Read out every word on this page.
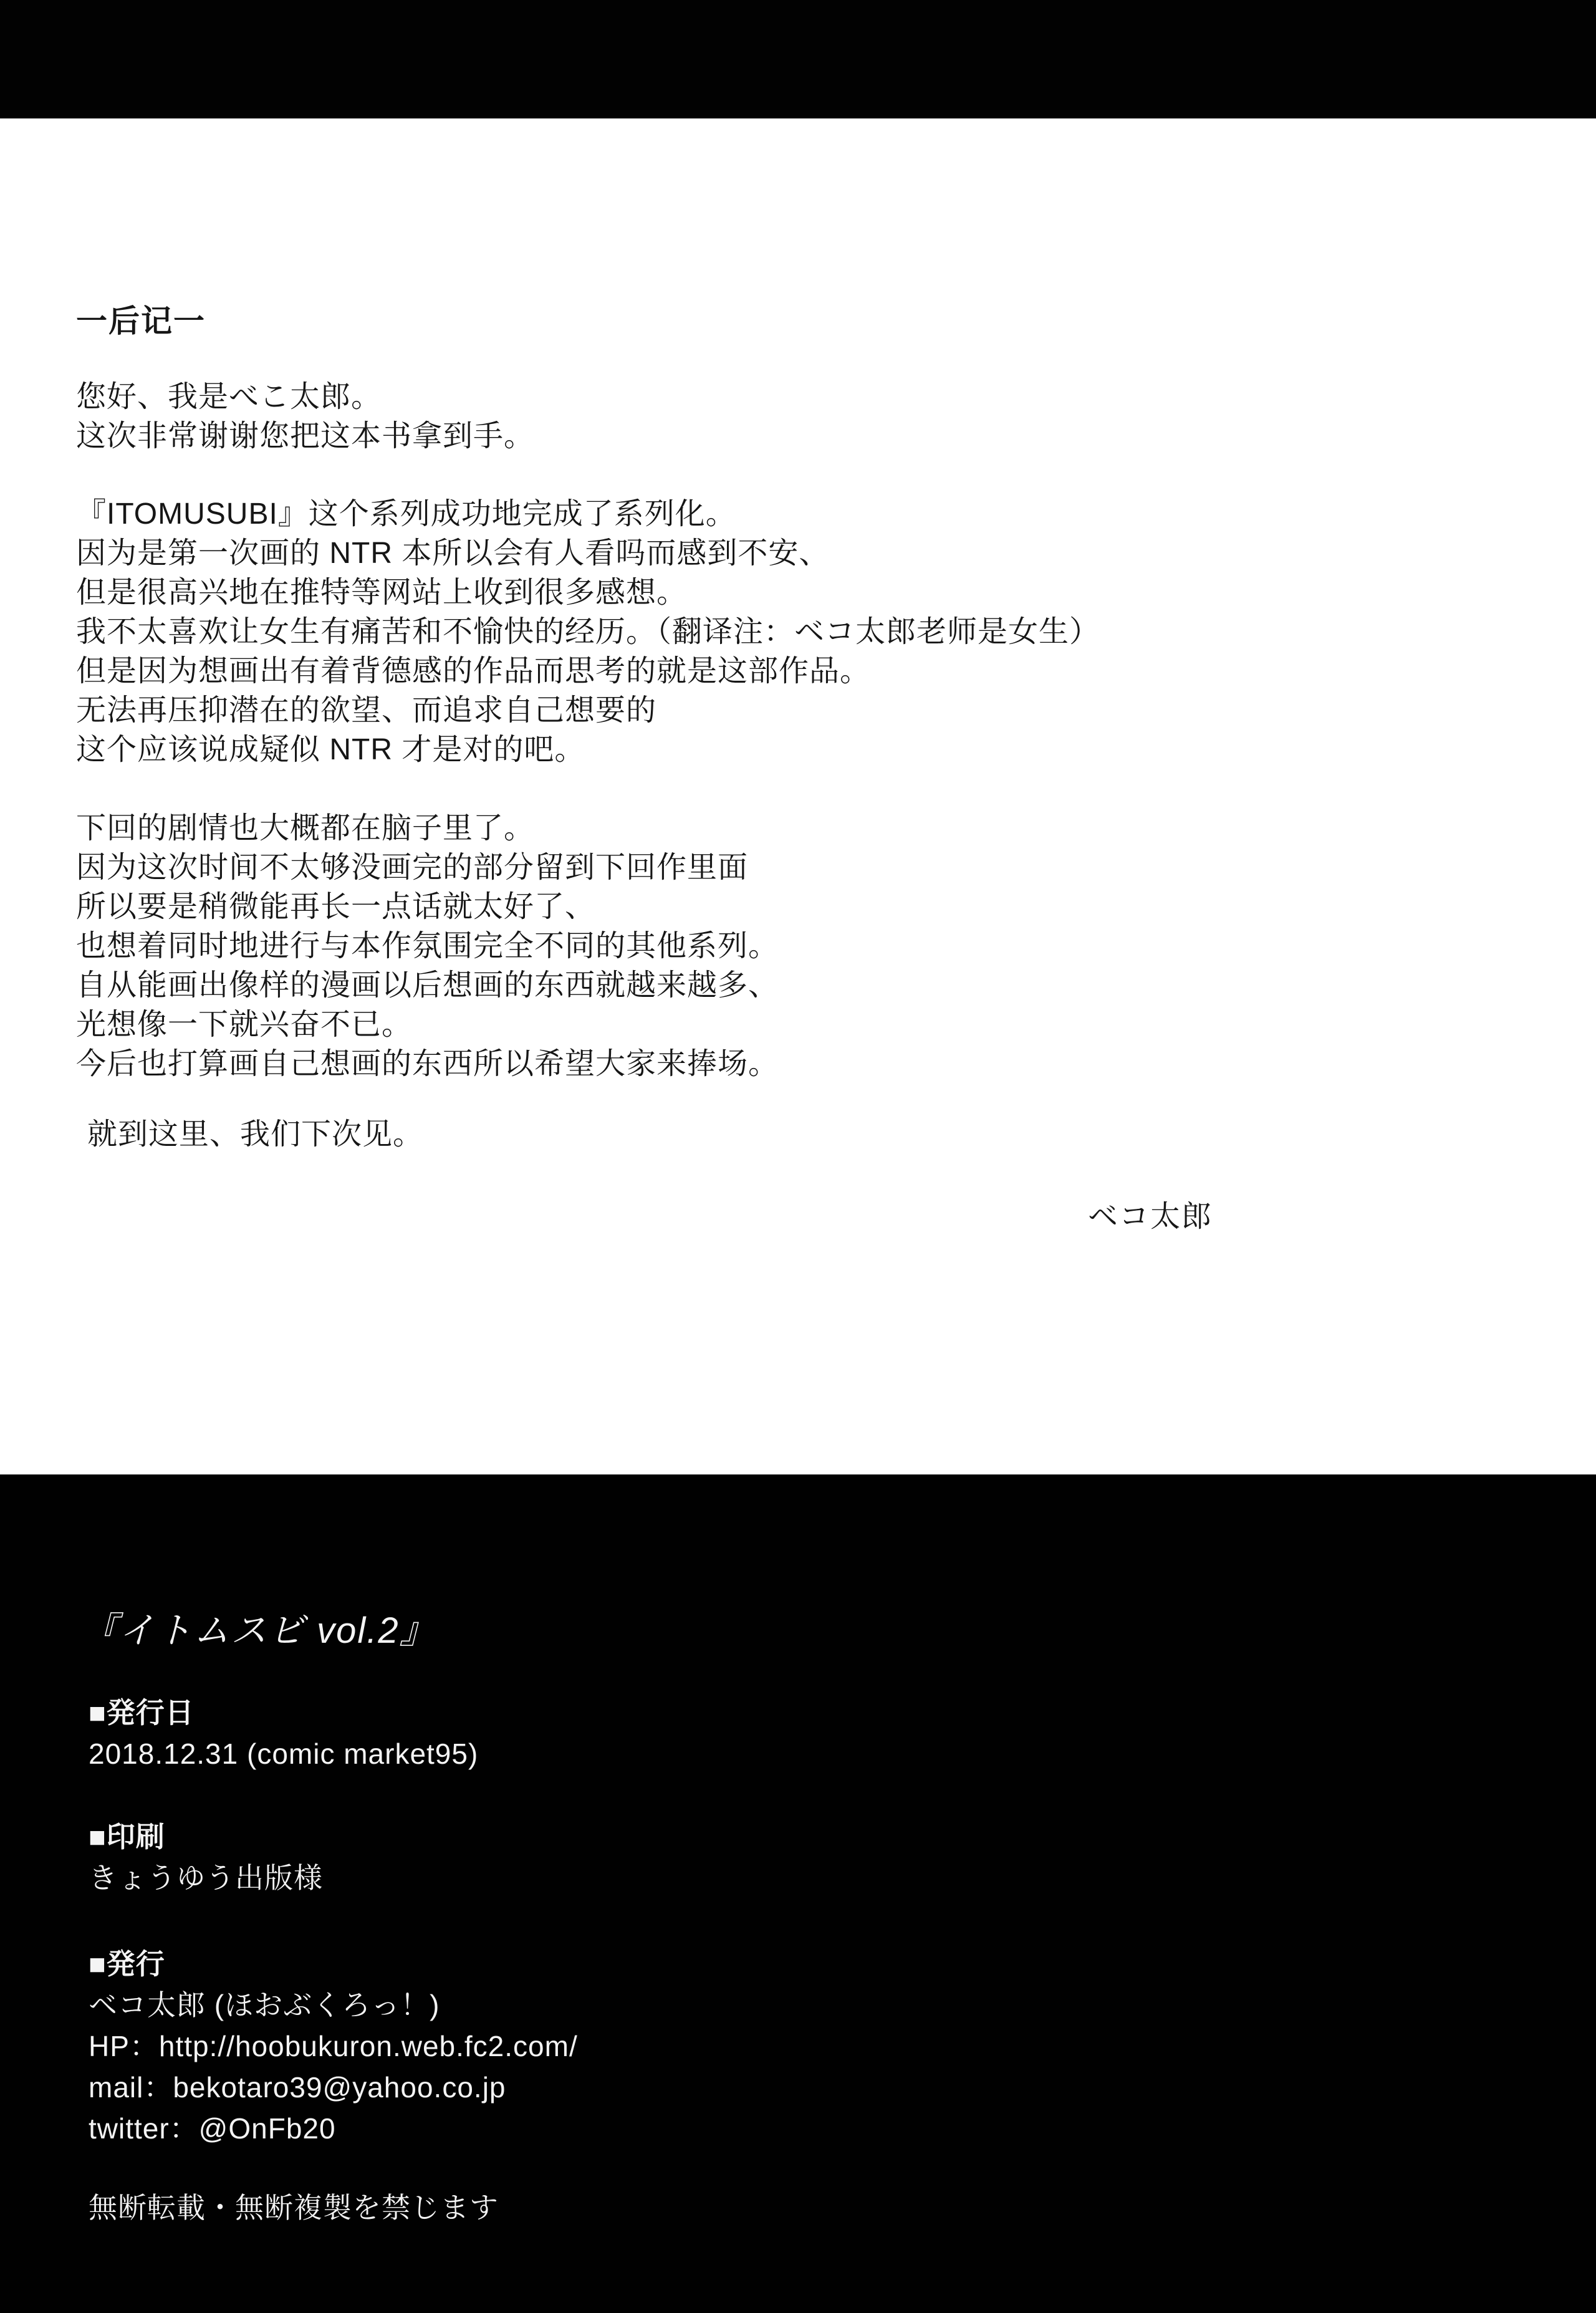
一后记一
您好、我是べこ太郎。
这次非常谢谢您把这本书拿到手。
『ITOMUSUBI』这个系列成功地完成了系列化。
因为是第一次画的 NTR 本所以会有人看吗而感到不安、
但是很高兴地在推特等网站上收到很多感想。
我不太喜欢让女生有痛苦和不愉快的经历。（翻译注：ベコ太郎老师是女生）
但是因为想画出有着背德感的作品而思考的就是这部作品。
无法再压抑潜在的欲望、而追求自己想要的
这个应该说成疑似 NTR 才是对的吧。
下回的剧情也大概都在脑子里了。
因为这次时间不太够没画完的部分留到下回作里面
所以要是稍微能再长一点话就太好了、
也想着同时地进行与本作氛围完全不同的其他系列。
自从能画出像样的漫画以后想画的东西就越来越多、
光想像一下就兴奋不已。
今后也打算画自己想画的东西所以希望大家来捧场。
就到这里、我们下次见。
ベコ太郎
『イトムスビ vol.2』
■発行日
2018.12.31 (comic market95)
■印刷
きょうゆう出版様
■発行
ベコ太郎 (ほおぶくろっ！)
HP：http://hoobukuron.web.fc2.com/
mail：bekotaro39@yahoo.co.jp
twitter：@OnFb20
無断転載・無断複製を禁じます
